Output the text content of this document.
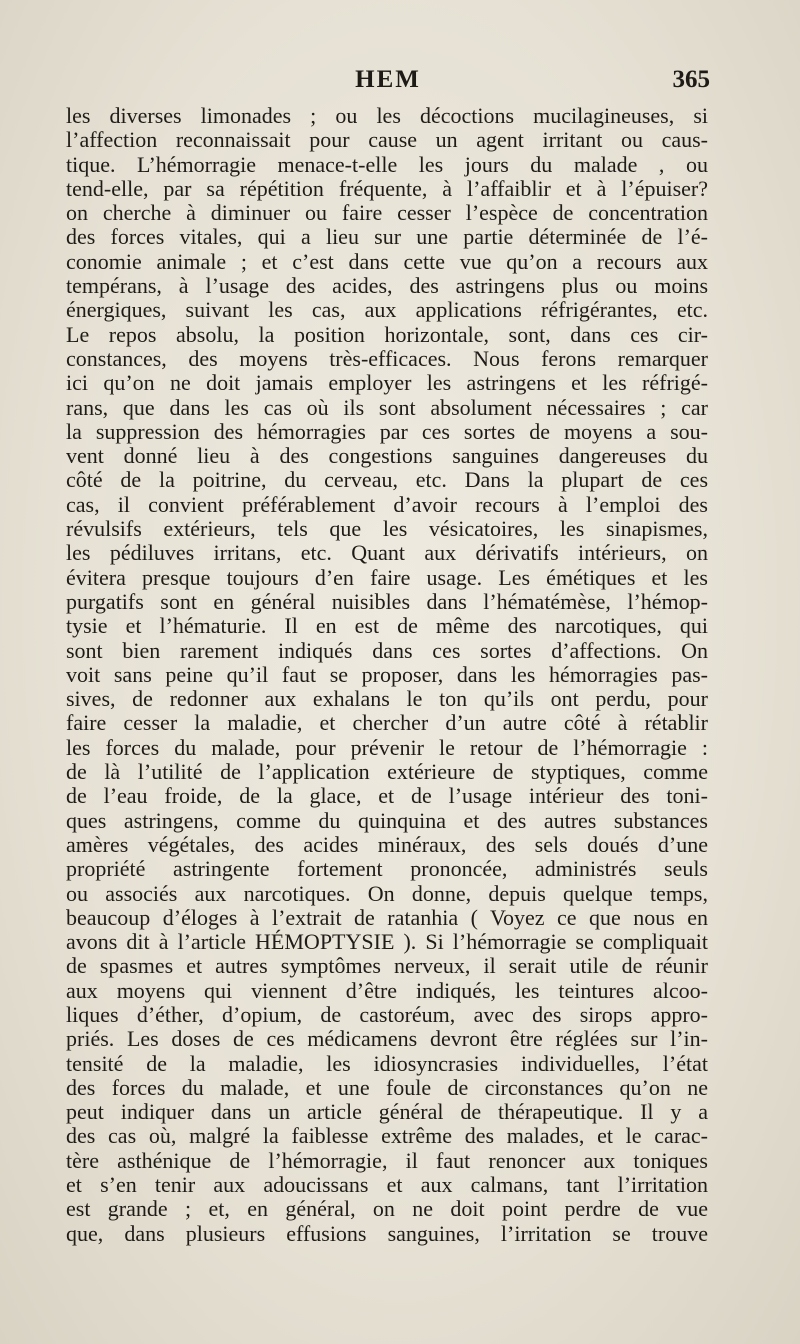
HEM	365
les diverses limonades ; ou les décoctions mucilagineuses, si
l’affection reconnaissait pour cause un agent irritant ou caus-
tique. L’hémorragie menace-t-elle les jours du malade , ou
tend-elle, par sa répétition fréquente, à l’affaiblir et à l’épuiser?
on cherche à diminuer ou faire cesser l’espèce de concentration
des forces vitales, qui a lieu sur une partie déterminée de l’é-
conomie animale ; et c’est dans cette vue qu’on a recours aux
tempérans, à l’usage des acides, des astringens plus ou moins
énergiques, suivant les cas, aux applications réfrigérantes, etc.
Le repos absolu, la position horizontale, sont, dans ces cir-
constances, des moyens très-efficaces. Nous ferons remarquer
ici qu’on ne doit jamais employer les astringens et les réfrigé-
rans, que dans les cas où ils sont absolument nécessaires ; car
la suppression des hémorragies par ces sortes de moyens a sou-
vent donné lieu à des congestions sanguines dangereuses du
côté de la poitrine, du cerveau, etc. Dans la plupart de ces
cas, il convient préférablement d’avoir recours à l’emploi des
révulsifs extérieurs, tels que les vésicatoires, les sinapismes,
les pédiluves irritans, etc. Quant aux dérivatifs intérieurs, on
évitera presque toujours d’en faire usage. Les émétiques et les
purgatifs sont en général nuisibles dans l’hématémèse, l’hémop-
tysie et l’hématurie. Il en est de même des narcotiques, qui
sont bien rarement indiqués dans ces sortes d’affections. On
voit sans peine qu’il faut se proposer, dans les hémorragies pas-
sives, de redonner aux exhalans le ton qu’ils ont perdu, pour
faire cesser la maladie, et chercher d’un autre côté à rétablir
les forces du malade, pour prévenir le retour de l’hémorragie :
de là l’utilité de l’application extérieure de styptiques, comme
de l’eau froide, de la glace, et de l’usage intérieur des toni-
ques astringens, comme du quinquina et des autres substances
amères végétales, des acides minéraux, des sels doués d’une
propriété astringente fortement prononcée, administrés seuls
ou associés aux narcotiques. On donne, depuis quelque temps,
beaucoup d’éloges à l’extrait de ratanhia ( Voyez ce que nous en
avons dit à l’article HÉMOPTYSIE ). Si l’hémorragie se compliquait
de spasmes et autres symptômes nerveux, il serait utile de réunir
aux moyens qui viennent d’être indiqués, les teintures alcoo-
liques d’éther, d’opium, de castoréum, avec des sirops appro-
priés. Les doses de ces médicamens devront être réglées sur l’in-
tensité de la maladie, les idiosyncrasies individuelles, l’état
des forces du malade, et une foule de circonstances qu’on ne
peut indiquer dans un article général de thérapeutique. Il y a
des cas où, malgré la faiblesse extrême des malades, et le carac-
tère asthénique de l’hémorragie, il faut renoncer aux toniques
et s’en tenir aux adoucissans et aux calmans, tant l’irritation
est grande ; et, en général, on ne doit point perdre de vue
que, dans plusieurs effusions sanguines, l’irritation se trouve
